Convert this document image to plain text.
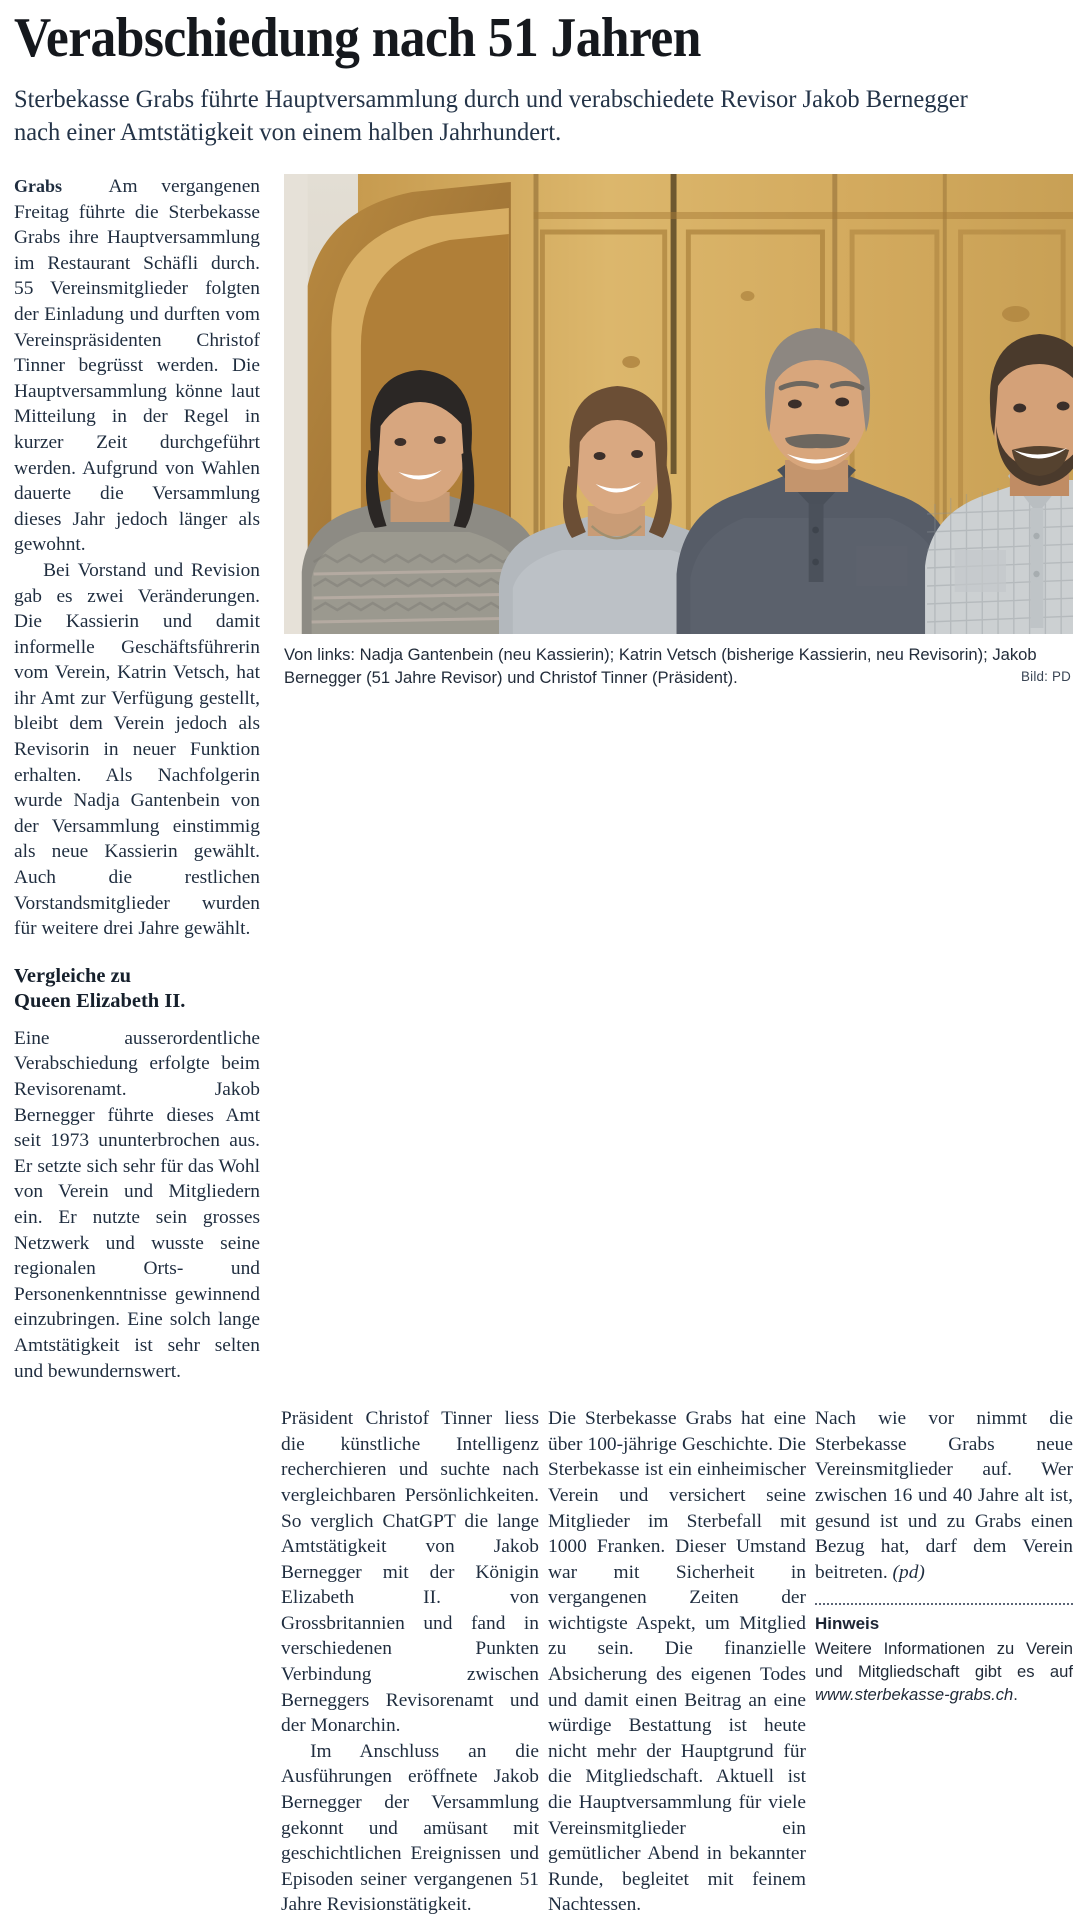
Verabschiedung nach 51 Jahren
Sterbekasse Grabs führte Hauptversammlung durch und verabschiedete Revisor Jakob Bernegger nach einer Amtstätigkeit von einem halben Jahrhundert.

Grabs Am vergangenen Freitag führte die Sterbekasse Grabs ihre Hauptversammlung im Restaurant Schäfli durch. 55 Vereinsmitglieder folgten der Einladung und durften vom Vereinspräsidenten Christof Tinner begrüsst werden. Die Hauptversammlung könne laut Mitteilung in der Regel in kurzer Zeit durchgeführt werden. Aufgrund von Wahlen dauerte die Versammlung dieses Jahr jedoch länger als gewohnt.

Bei Vorstand und Revision gab es zwei Veränderungen. Die Kassierin und damit informelle Geschäftsführerin vom Verein, Katrin Vetsch, hat ihr Amt zur Verfügung gestellt, bleibt dem Verein jedoch als Revisorin in neuer Funktion erhalten. Als Nachfolgerin wurde Nadja Gantenbein von der Versammlung einstimmig als neue Kassierin gewählt. Auch die restlichen Vorstandsmitglieder wurden für weitere drei Jahre gewählt.

Vergleiche zu
Queen Elizabeth II.

Eine ausserordentliche Verabschiedung erfolgte beim Revisorenamt. Jakob Bernegger führte dieses Amt seit 1973 ununterbrochen aus. Er setzte sich sehr für das Wohl von Verein und Mitgliedern ein. Er nutzte sein grosses Netzwerk und wusste seine regionalen Orts- und Personenkenntnisse gewinnend einzubringen. Eine solch lange Amtstätigkeit ist sehr selten und bewundernswert.

Von links: Nadja Gantenbein (neu Kassierin); Katrin Vetsch (bisherige Kassierin, neu Revisorin); Jakob Bernegger (51 Jahre Revisor) und Christof Tinner (Präsident).	Bild: PD

Präsident Christof Tinner liess die künstliche Intelligenz recherchieren und suchte nach vergleichbaren Persönlichkeiten. So verglich ChatGPT die lange Amtstätigkeit von Jakob Bernegger mit der Königin Elizabeth II. von Grossbritannien und fand in verschiedenen Punkten Verbindung zwischen Berneggers Revisorenamt und der Monarchin.

Im Anschluss an die Ausführungen eröffnete Jakob Bernegger der Versammlung gekonnt und amüsant mit geschichtlichen Ereignissen und Episoden seiner vergangenen 51 Jahre Revisionstätigkeit.

Die Sterbekasse Grabs hat eine über 100-jährige Geschichte. Die Sterbekasse ist ein einheimischer Verein und versichert seine Mitglieder im Sterbefall mit 1000 Franken. Dieser Umstand war mit Sicherheit in vergangenen Zeiten der wichtigste Aspekt, um Mitglied zu sein. Die finanzielle Absicherung des eigenen Todes und damit einen Beitrag an eine würdige Bestattung ist heute nicht mehr der Hauptgrund für die Mitgliedschaft. Aktuell ist die Hauptversammlung für viele Vereinsmitglieder ein gemütlicher Abend in bekannter Runde, begleitet mit feinem Nachtessen.

Nach wie vor nimmt die Sterbekasse Grabs neue Vereinsmitglieder auf. Wer zwischen 16 und 40 Jahre alt ist, gesund ist und zu Grabs einen Bezug hat, darf dem Verein beitreten. (pd)

Hinweis

Weitere Informationen zu Verein und Mitgliedschaft gibt es auf www.sterbekasse-grabs.ch.
